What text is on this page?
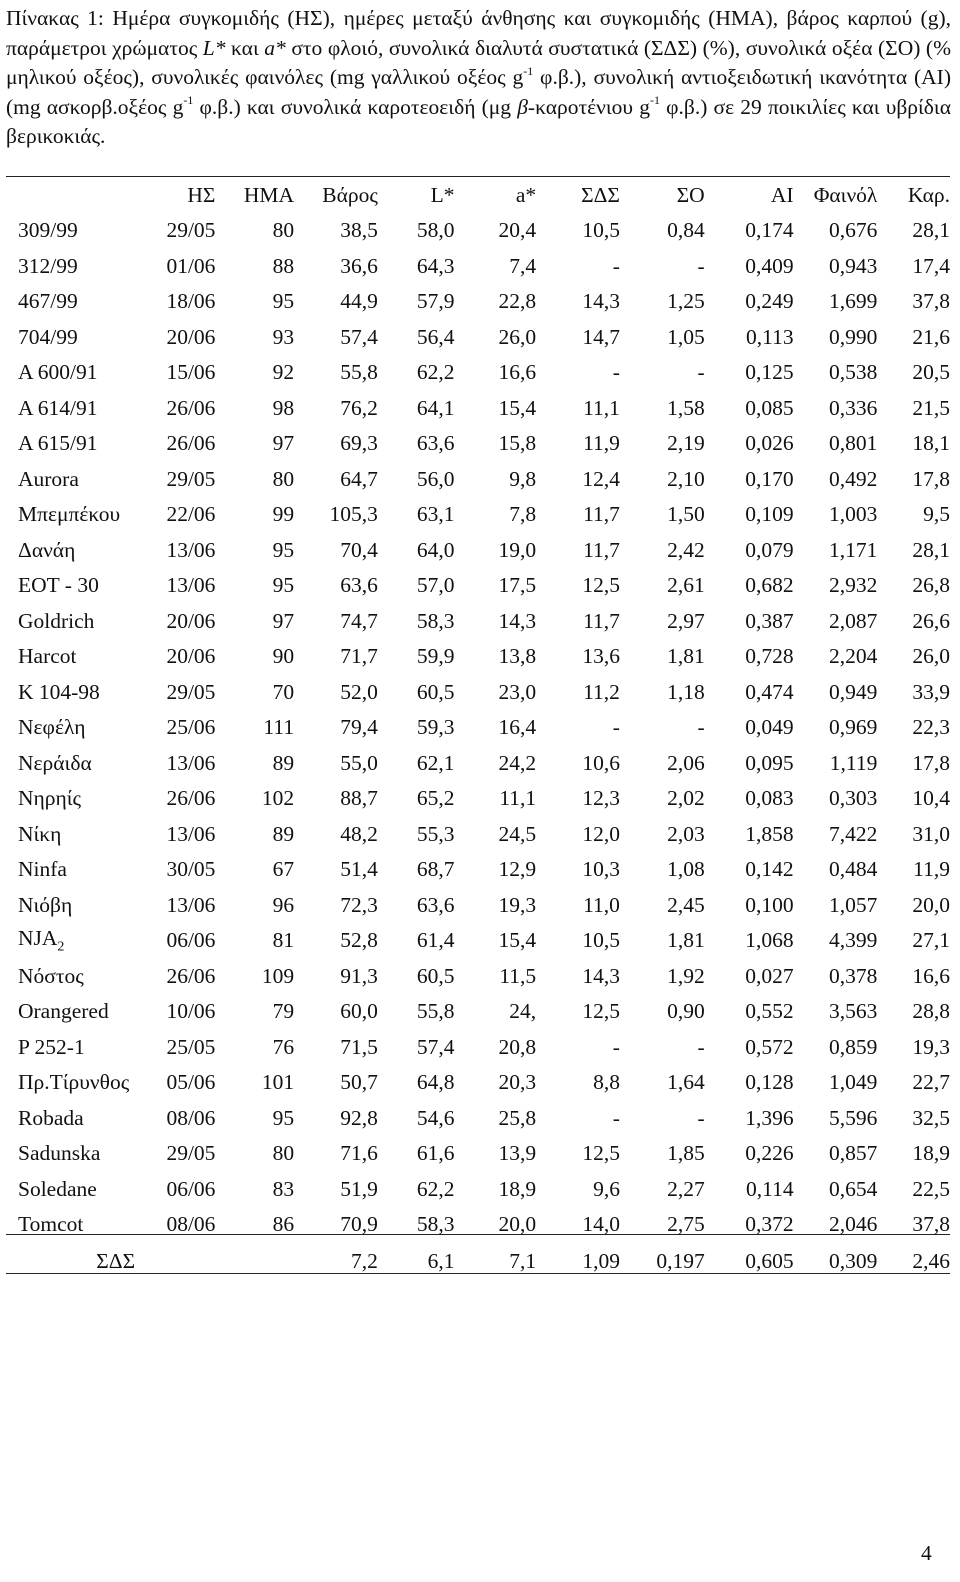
Πίνακας 1: Ημέρα συγκομιδής (ΗΣ), ημέρες μεταξύ άνθησης και συγκομιδής (ΗΜΑ), βάρος καρπού (g), παράμετροι χρώματος L* και a* στο φλοιό, συνολικά διαλυτά συστατικά (ΣΔΣ) (%), συνολικά οξέα (ΣΟ) (% μηλικού οξέος), συνολικές φαινόλες (mg γαλλικού οξέος $g^{-1}$ φ.β.), συνολική αντιοξειδωτική ικανότητα (ΑΙ) (mg ασκορβ.οξέος $g^{-1}$ φ.β.) και συνολικά καροτεοειδή (μg β-καροτένιου $g^{-1}$ φ.β.) σε 29 ποικιλίες και υβρίδια βερικοκιάς.
	ΗΣ	ΗΜΑ	Βάρος	L*	a*	ΣΔΣ	ΣΟ	ΑΙ	Φαινόλ	Καρ.
309/99	29/05	80	38,5	58,0	20,4	10,5	0,84	0,174	0,676	28,1
312/99	01/06	88	36,6	64,3	7,4	-	-	0,409	0,943	17,4
467/99	18/06	95	44,9	57,9	22,8	14,3	1,25	0,249	1,699	37,8
704/99	20/06	93	57,4	56,4	26,0	14,7	1,05	0,113	0,990	21,6
A 600/91	15/06	92	55,8	62,2	16,6	-	-	0,125	0,538	20,5
A 614/91	26/06	98	76,2	64,1	15,4	11,1	1,58	0,085	0,336	21,5
A 615/91	26/06	97	69,3	63,6	15,8	11,9	2,19	0,026	0,801	18,1
Aurora	29/05	80	64,7	56,0	9,8	12,4	2,10	0,170	0,492	17,8
Μπεμπέκου	22/06	99	105,3	63,1	7,8	11,7	1,50	0,109	1,003	9,5
Δανάη	13/06	95	70,4	64,0	19,0	11,7	2,42	0,079	1,171	28,1
ΕΟΤ - 30	13/06	95	63,6	57,0	17,5	12,5	2,61	0,682	2,932	26,8
Goldrich	20/06	97	74,7	58,3	14,3	11,7	2,97	0,387	2,087	26,6
Harcot	20/06	90	71,7	59,9	13,8	13,6	1,81	0,728	2,204	26,0
K 104-98	29/05	70	52,0	60,5	23,0	11,2	1,18	0,474	0,949	33,9
Νεφέλη	25/06	111	79,4	59,3	16,4	-	-	0,049	0,969	22,3
Νεράιδα	13/06	89	55,0	62,1	24,2	10,6	2,06	0,095	1,119	17,8
Νηρηίς	26/06	102	88,7	65,2	11,1	12,3	2,02	0,083	0,303	10,4
Νίκη	13/06	89	48,2	55,3	24,5	12,0	2,03	1,858	7,422	31,0
Ninfa	30/05	67	51,4	68,7	12,9	10,3	1,08	0,142	0,484	11,9
Νιόβη	13/06	96	72,3	63,6	19,3	11,0	2,45	0,100	1,057	20,0
$NJA_2$	06/06	81	52,8	61,4	15,4	10,5	1,81	1,068	4,399	27,1
Νόστος	26/06	109	91,3	60,5	11,5	14,3	1,92	0,027	0,378	16,6
Orangered	10/06	79	60,0	55,8	24,	12,5	0,90	0,552	3,563	28,8
P 252-1	25/05	76	71,5	57,4	20,8	-	-	0,572	0,859	19,3
Πρ.Τίρυνθος	05/06	101	50,7	64,8	20,3	8,8	1,64	0,128	1,049	22,7
Robada	08/06	95	92,8	54,6	25,8	-	-	1,396	5,596	32,5
Sadunska	29/05	80	71,6	61,6	13,9	12,5	1,85	0,226	0,857	18,9
Soledane	06/06	83	51,9	62,2	18,9	9,6	2,27	0,114	0,654	22,5
Tomcot	08/06	86	70,9	58,3	20,0	14,0	2,75	0,372	2,046	37,8
ΣΔΣ			7,2	6,1	7,1	1,09	0,197	0,605	0,309	2,46
4
